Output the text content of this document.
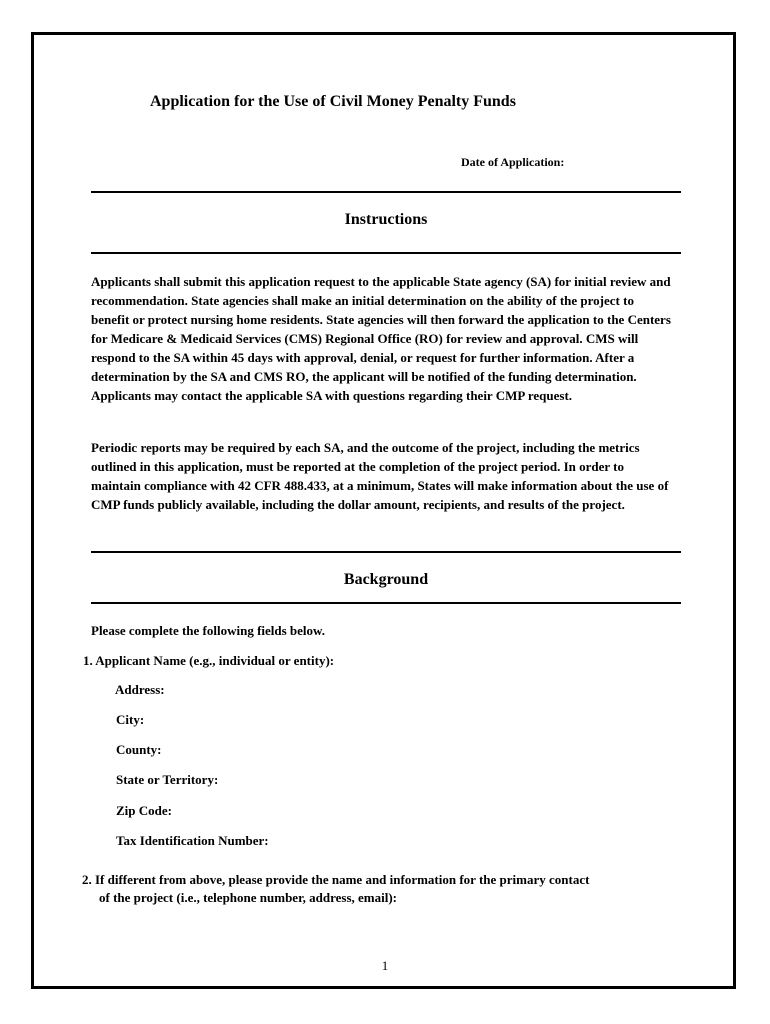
Application for the Use of Civil Money Penalty Funds
Date of Application:
Instructions

Applicants shall submit this application request to the applicable State agency (SA) for initial review and recommendation. State agencies shall make an initial determination on the ability of the project to benefit or protect nursing home residents. State agencies will then forward the application to the Centers for Medicare & Medicaid Services (CMS) Regional Office (RO) for review and approval. CMS will respond to the SA within 45 days with approval, denial, or request for further information. After a determination by the SA and CMS RO, the applicant will be notified of the funding determination. Applicants may contact the applicable SA with questions regarding their CMP request.

Periodic reports may be required by each SA, and the outcome of the project, including the metrics outlined in this application, must be reported at the completion of the project period. In order to maintain compliance with 42 CFR 488.433, at a minimum, States will make information about the use of CMP funds publicly available, including the dollar amount, recipients, and results of the project.

Background
Please complete the following fields below.
1. Applicant Name (e.g., individual or entity):
Address:
City:
County:
State or Territory:
Zip Code:
Tax Identification Number:
2. If different from above, please provide the name and information for the primary contact
of the project (i.e., telephone number, address, email):
1
